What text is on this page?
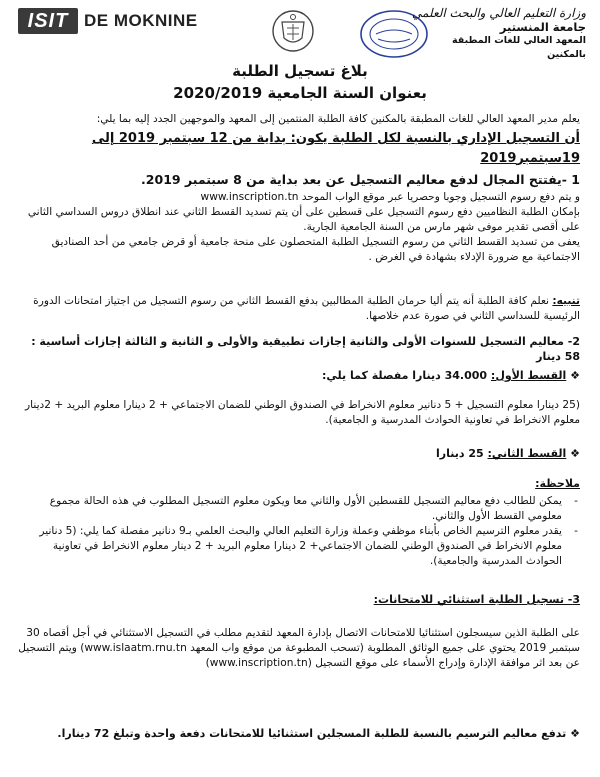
ISIT DE MOKNINE	وزارة التعليم العالي والبحث العلمي
جامعة المنستير
المعهد العالي للغات المطبقة بالمكنين
بلاغ تسجيل الطلبة
بعنوان السنة الجامعية 2020/2019
يعلم مدير المعهد العالي للغات المطبقة بالمكنين كافة الطلبة المنتمين إلى المعهد والموجهين الجدد إليه بما يلي:
أن التسجيل الإداري بالنسبة لكل الطلبة يكون: بداية من 12 سبتمبر 2019 إلى 19سبتمبر2019
1 -يفتتح المجال لدفع معاليم التسجيل عن بعد بداية من 8 سبتمبر 2019.

و يتم دفع رسوم التسجيل وجوبا وحصريا عبر موقع الواب الموحد www.inscription.tn

بإمكان الطلبة النظاميين دفع رسوم التسجيل على قسطين على أن يتم تسديد القسط الثاني عند انطلاق دروس السداسي الثاني على أقصى تقدير موفى شهر مارس من السنة الجامعية الجارية.

يعفى من تسديد القسط الثاني من رسوم التسجيل الطلبة المتحصلون على منحة جامعية أو قرض جامعي من أحد الصناديق الاجتماعية مع ضرورة الإدلاء بشهادة في الغرض .

تنبيه: نعلم كافة الطلبة أنه يتم أليا حرمان الطلبة المطالبين بدفع القسط الثاني من رسوم التسجيل من اجتياز امتحانات الدورة الرئيسية للسداسي الثاني في صورة عدم خلاصها.
2- معاليم التسجيل للسنوات الأولى والثانية إجازات تطبيقية والأولى و الثانية و الثالثة إجازات أساسية : 58 دينار
❖ القسط الأول: 34.000 دينارا مفصلة كما يلي:
(25 دينارا معلوم التسجيل + 5 دنانير معلوم الانخراط في الصندوق الوطني للضمان الاجتماعي + 2 دينارا معلوم البريد + 2دينار معلوم الانخراط في تعاونية الحوادث المدرسية و الجامعية).
❖ القسط الثاني: 25 دينارا
ملاحظة:
- يمكن للطالب دفع معاليم التسجيل للقسطين الأول والثاني معا ويكون معلوم التسجيل المطلوب في هذه الحالة مجموع معلومي القسط الأول والثاني.
- يقدر معلوم الترسيم الخاص بأبناء موظفي وعملة وزارة التعليم العالي والبحث العلمي بـ9 دنانير مفصلة كما يلي: (5 دنانير معلوم الانخراط في الصندوق الوطني للضمان الاجتماعي+ 2 دينارا معلوم البريد + 2 دينار معلوم الانخراط في تعاونية الحوادث المدرسية والجامعية).
3- تسجيل الطلبة استثنائي للامتحانات:
على الطلبة الذين سيسجلون استثنائيا للامتحانات الاتصال بإدارة المعهد لتقديم مطلب في التسجيل الاستثنائي في أجل أقصاه 30 سبتمبر 2019 يحتوي على جميع الوثائق المطلوبة (تسحب المطبوعة من موقع واب المعهد www.islaatm.rnu.tn) ويتم التسجيل عن بعد اثر موافقة الإدارة وإدراج الأسماء على موقع التسجيل (www.inscription.tn)
❖ تدفع معاليم الترسيم بالنسبة للطلبة المسجلين استثنائيا للامتحانات دفعة واحدة وتبلغ 72 دينارا.
